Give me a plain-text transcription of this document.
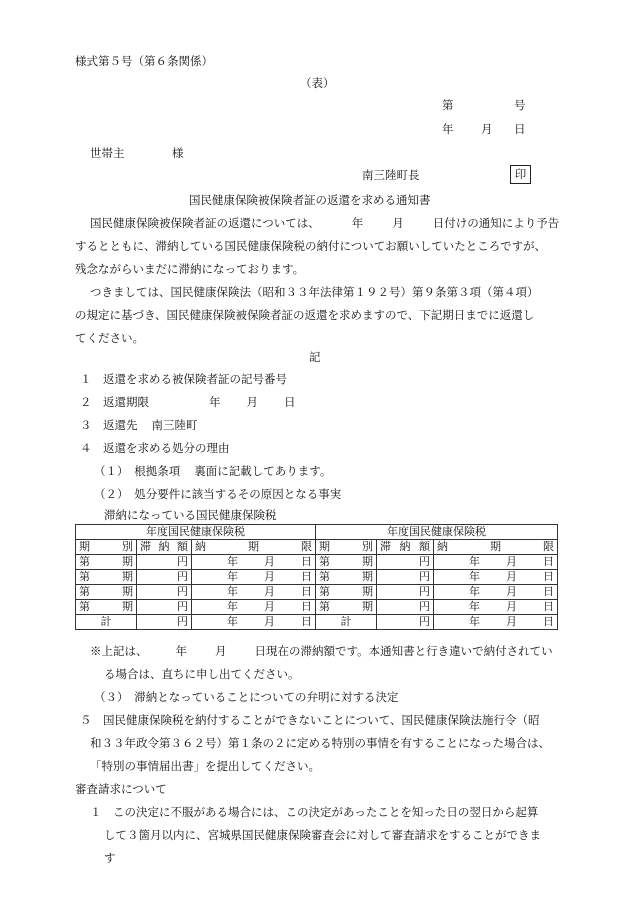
様式第５号（第６条関係）
（表）
第	号
年 月 日
世帯主	様
南三陸町長	印
国民健康保険被保険者証の返還を求める通知書
国民健康保険被保険者証の返還については、	年	月	日付けの通知により予告
するとともに、滞納している国民健康保険税の納付についてお願いしていたところですが、
残念ながらいまだに滞納になっております。
つきましては、国民健康保険法（昭和３３年法律第１９２号）第９条第３項（第４項）
の規定に基づき、国民健康保険被保険者証の返還を求めますので、下記期日までに返還し
てください。
記
１　返還を求める被保険者証の記号番号
２　返還期限	年 月 日
３　返還先 南三陸町
４　返還を求める処分の理由
（１）　根拠条項 裏面に記載してあります。
（２）　処分要件に該当するその原因となる事実
滞納になっている国民健康保険税
年度国民健康保険税			年度国民健康保険税		

期 別	滞 納 額	納 期 限	期 別	滞 納 額	納 期 限

第 期	円	年 月 日	第 期	円	年 月 日

第 期	円	年 月 日	第 期	円	年 月 日

第 期	円	年 月 日	第 期	円	年 月 日

第 期	円	年 月 日	第 期	円	年 月 日

計	円	年 月 日	計	円	年 月 日
※上記は、 年 月 日現在の滞納額です。本通知書と行き違いで納付されてい
る場合は、直ちに申し出てください。
（３）　滞納となっていることについての弁明に対する決定
５　国民健康保険税を納付することができないことについて、国民健康保険法施行令（昭
和３３年政令第３６２号）第１条の２に定める特別の事情を有することになった場合は、
「特別の事情届出書」を提出してください。
審査請求について
１　この決定に不服がある場合には、この決定があったことを知った日の翌日から起算
して３箇月以内に、宮城県国民健康保険審査会に対して審査請求をすることができま
す
